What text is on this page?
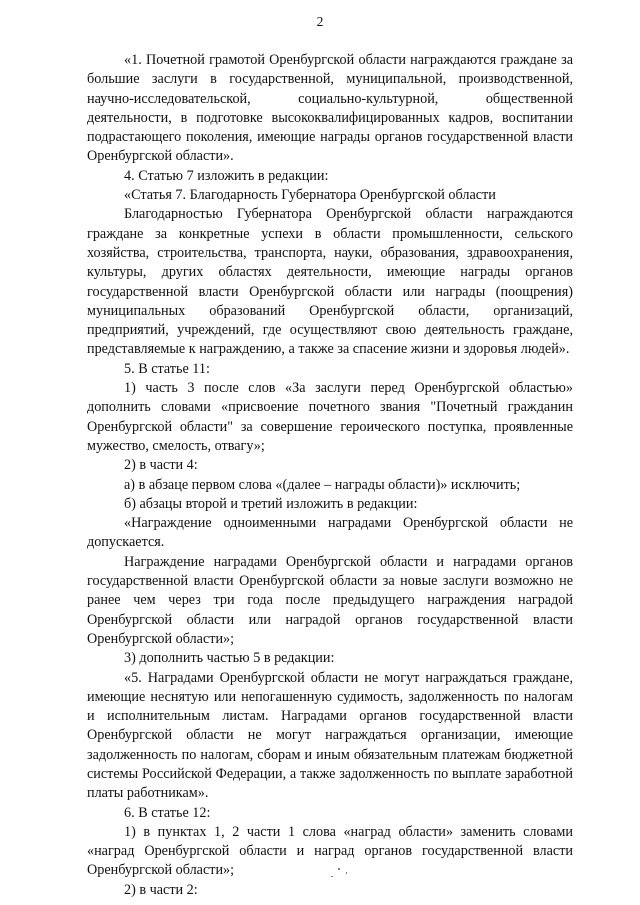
2

«1. Почетной грамотой Оренбургской области награждаются граждане за большие заслуги в государственной, муниципальной, производственной, научно-исследовательской, социально-культурной, общественной деятельности, в подготовке высококвалифицированных кадров, воспитании подрастающего поколения, имеющие награды органов государственной власти Оренбургской области».

4. Статью 7 изложить в редакции:

«Статья 7. Благодарность Губернатора Оренбургской области

Благодарностью Губернатора Оренбургской области награждаются граждане за конкретные успехи в области промышленности, сельского хозяйства, строительства, транспорта, науки, образования, здравоохранения, культуры, других областях деятельности, имеющие награды органов государственной власти Оренбургской области или награды (поощрения) муниципальных образований Оренбургской области, организаций, предприятий, учреждений, где осуществляют свою деятельность граждане, представляемые к награждению, а также за спасение жизни и здоровья людей».

5. В статье 11:

1) часть 3 после слов «За заслуги перед Оренбургской областью» дополнить словами «присвоение почетного звания "Почетный гражданин Оренбургской области" за совершение героического поступка, проявленные мужество, смелость, отвагу»;

2) в части 4:

а) в абзаце первом слова «(далее – награды области)» исключить;

б) абзацы второй и третий изложить в редакции:

«Награждение одноименными наградами Оренбургской области не допускается.

Награждение наградами Оренбургской области и наградами органов государственной власти Оренбургской области за новые заслуги возможно не ранее чем через три года после предыдущего награждения наградой Оренбургской области или наградой органов государственной власти Оренбургской области»;

3) дополнить частью 5 в редакции:

«5. Наградами Оренбургской области не могут награждаться граждане, имеющие неснятую или непогашенную судимость, задолженность по налогам и исполнительным листам. Наградами органов государственной власти Оренбургской области не могут награждаться организации, имеющие задолженность по налогам, сборам и иным обязательным платежам бюджетной системы Российской Федерации, а также задолженность по выплате заработной платы работникам».

6. В статье 12:

1) в пунктах 1, 2 части 1 слова «наград области» заменить словами «наград Оренбургской области и наград органов государственной власти Оренбургской области»;

2) в части 2:
